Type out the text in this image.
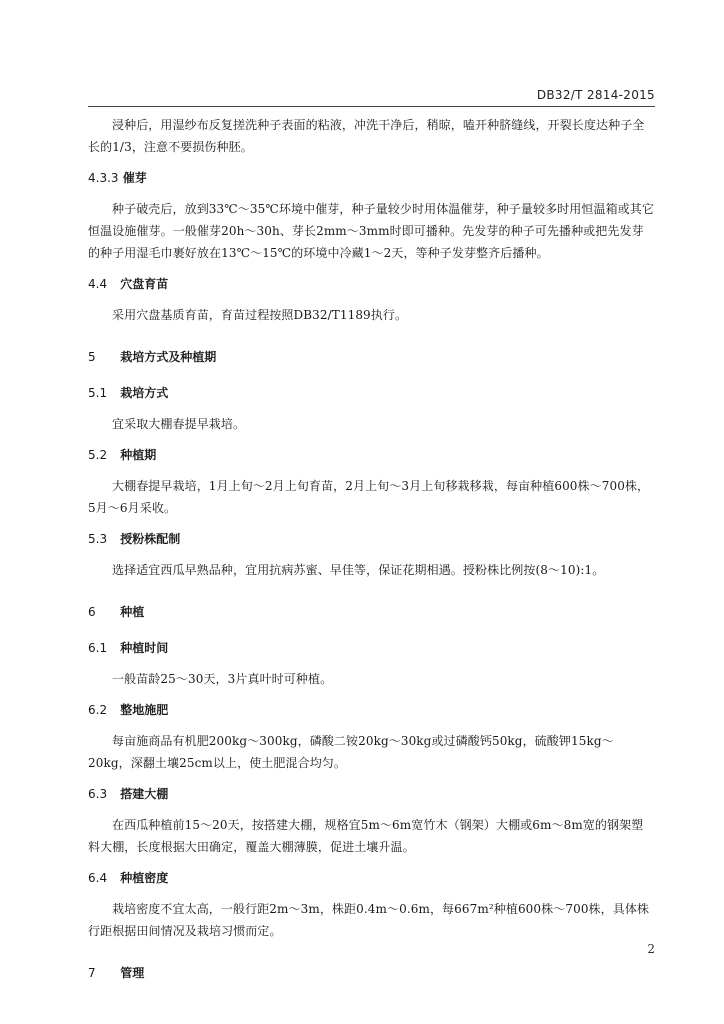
DB32/T 2814-2015

浸种后，用湿纱布反复搓洗种子表面的粘液，冲洗干净后，稍晾，嗑开种脐缝线，开裂长度达种子全长的1/3，注意不要损伤种胚。

4.3.3 催芽

种子破壳后，放到33℃～35℃环境中催芽，种子量较少时用体温催芽，种子量较多时用恒温箱或其它恒温设施催芽。一般催芽20h～30h、芽长2mm～3mm时即可播种。先发芽的种子可先播种或把先发芽的种子用湿毛巾裹好放在13℃～15℃的环境中冷藏1～2天，等种子发芽整齐后播种。

4.4 穴盘育苗

采用穴盘基质育苗，育苗过程按照DB32/T1189执行。

5 栽培方式及种植期

5.1 栽培方式

宜采取大棚春提早栽培。

5.2 种植期

大棚春提早栽培，1月上旬～2月上旬育苗，2月上旬～3月上旬移栽移栽，每亩种植600株～700株，5月～6月采收。

5.3 授粉株配制

选择适宜西瓜早熟品种，宜用抗病苏蜜、早佳等，保证花期相遇。授粉株比例按(8～10):1。

6 种植

6.1 种植时间

一般苗龄25～30天，3片真叶时可种植。

6.2 整地施肥

每亩施商品有机肥200kg～300kg，磷酸二铵20kg～30kg或过磷酸钙50kg，硫酸钾15kg～20kg，深翻土壤25cm以上，使土肥混合均匀。

6.3 搭建大棚

在西瓜种植前15～20天，按搭建大棚，规格宜5m～6m宽竹木（钢架）大棚或6m～8m宽的钢架塑料大棚，长度根据大田确定，覆盖大棚薄膜，促进土壤升温。

6.4 种植密度

栽培密度不宜太高，一般行距2m～3m，株距0.4m～0.6m，每667m²种植600株～700株，具体株行距根据田间情况及栽培习惯而定。

7 管理

2
